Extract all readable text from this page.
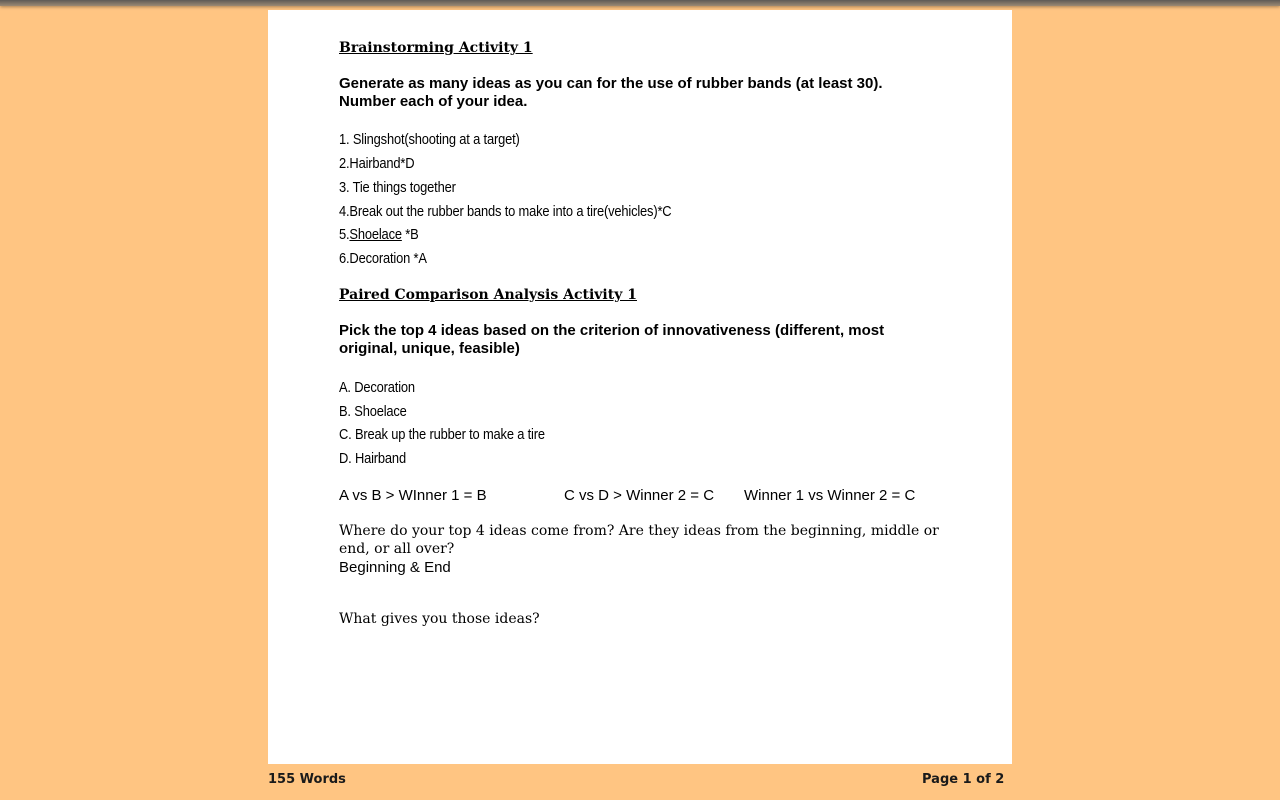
Brainstorming Activity 1
Generate as many ideas as you can for the use of rubber bands (at least 30).
Number each of your idea.
1. Slingshot(shooting at a target)
2.Hairband*D
3. Tie things together
4.Break out the rubber bands to make into a tire(vehicles)*C
5.Shoelace *B
6.Decoration *A
Paired Comparison Analysis Activity 1
Pick the top 4 ideas based on the criterion of innovativeness (different, most
original, unique, feasible)
A. Decoration
B. Shoelace
C. Break up the rubber to make a tire
D. Hairband
A vs B > WInner 1 = B	C vs D > Winner 2 = C Winner 1 vs Winner 2 = C
Where do your top 4 ideas come from? Are they ideas from the beginning, middle or
end, or all over?
Beginning & End
What gives you those ideas?
155 Words	Page 1 of 2
